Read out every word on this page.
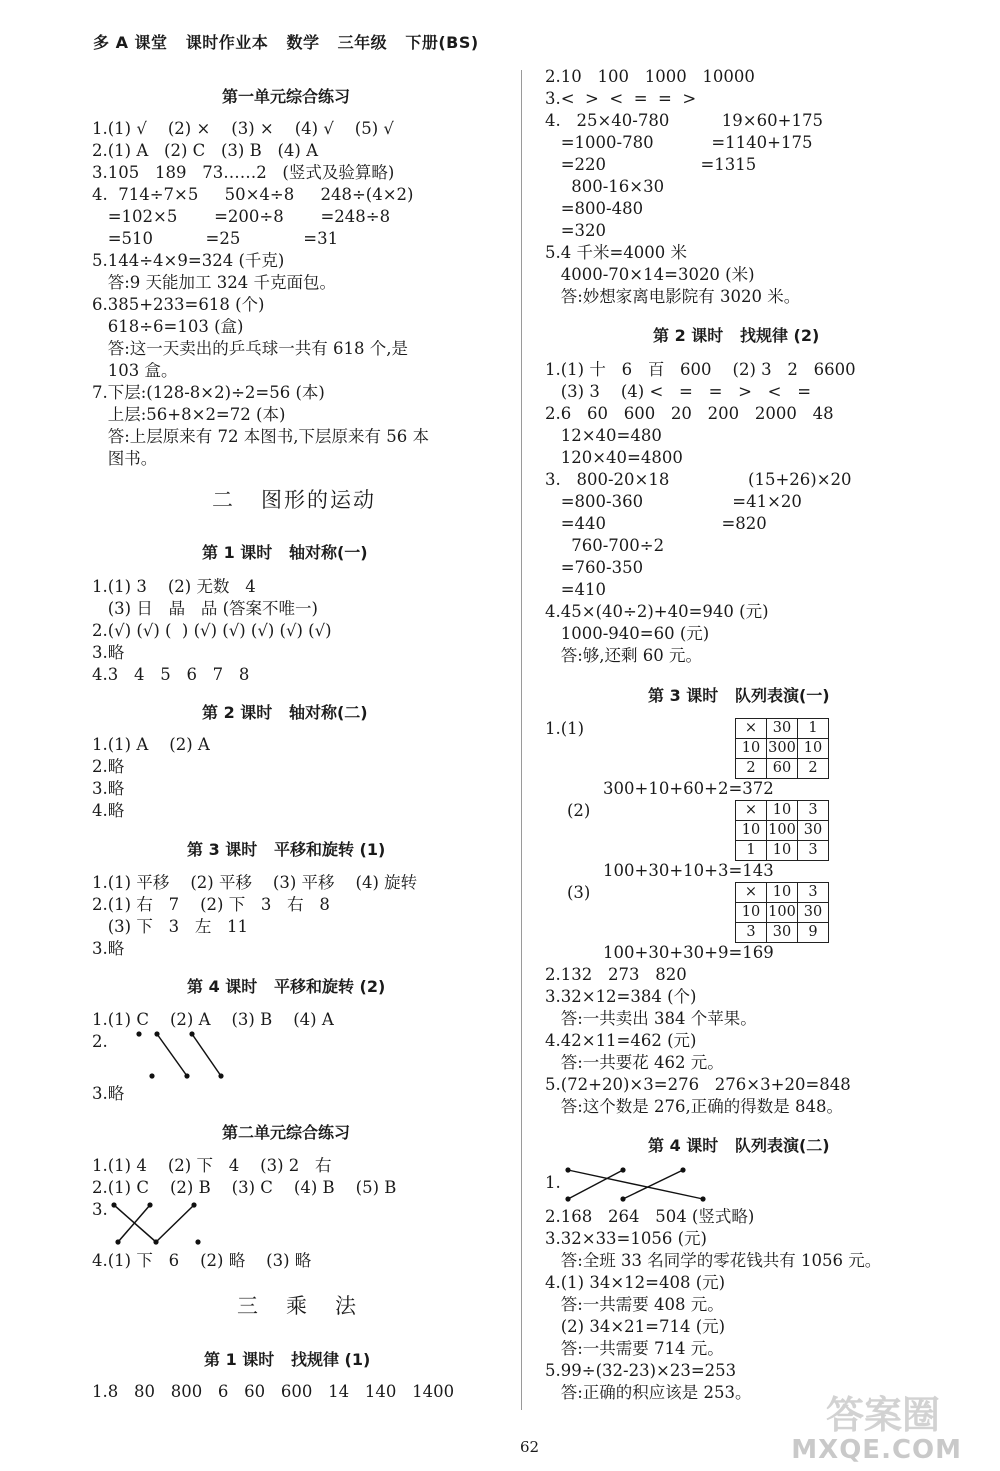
多 A 课堂   课时作业本   数学   三年级   下册(BS)
第一单元综合练习
1.(1) √    (2) ×    (3) ×    (4) √    (5) √
2.(1) A   (2) C   (3) B   (4) A
3.105   189   73……2   (竖式及验算略)
4.  714÷7×5     50×4÷8     248÷(4×2)
=102×5       =200÷8       =248÷8
=510          =25            =31
5.144÷4×9=324 (千克)
答:9 天能加工 324 千克面包。
6.385+233=618 (个)
618÷6=103 (盒)
答:这一天卖出的乒乓球一共有 618 个,是
103 盒。
7.下层:(128-8×2)÷2=56 (本)
上层:56+8×2=72 (本)
答:上层原来有 72 本图书,下层原来有 56 本
图书。
二   图形的运动
第 1 课时   轴对称(一)
1.(1) 3    (2) 无数   4
(3) 日   晶   品 (答案不唯一)
2.(√) (√) (  ) (√) (√) (√) (√) (√)
3.略
4.3   4   5   6   7   8
第 2 课时   轴对称(二)
1.(1) A    (2) A
2.略
3.略
4.略
第 3 课时   平移和旋转 (1)
1.(1) 平移    (2) 平移    (3) 平移    (4) 旋转
2.(1) 右   7    (2) 下   3   右   8
(3) 下   3   左   11
3.略
第 4 课时   平移和旋转 (2)
1.(1) C    (2) A    (3) B    (4) A
2.
3.略
第二单元综合练习
1.(1) 4    (2) 下   4    (3) 2   右
2.(1) C    (2) B    (3) C    (4) B    (5) B
3.
4.(1) 下   6    (2) 略    (3) 略
三   乘   法
第 1 课时   找规律 (1)
1.8   80   800   6   60   600   14   140   1400
2.10   100   1000   10000
3.<  >  <  =  =  >
4.   25×40-780          19×60+175
=1000-780           =1140+175
=220                  =1315
800-16×30
=800-480
=320
5.4 千米=4000 米
4000-70×14=3020 (米)
答:妙想家离电影院有 3020 米。
第 2 课时   找规律 (2)
1.(1) 十   6   百   600    (2) 3   2   6600
(3) 3    (4) <   =   =   >   <   =
2.6   60   600   20   200   2000   48
12×40=480
120×40=4800
3.   800-20×18               (15+26)×20
=800-360                 =41×20
=440                      =820
760-700÷2
=760-350
=410
4.45×(40÷2)+40=940 (元)
1000-940=60 (元)
答:够,还剩 60 元。
第 3 课时   队列表演(一)
1.(1)	×	30	1
10	300	10
2	60	2
300+10+60+2=372
(2)	×	10	3
10	100	30
1	10	3
100+30+10+3=143
(3)	×	10	3
10	100	30
3	30	9
100+30+30+9=169
2.132   273   820
3.32×12=384 (个)
答:一共卖出 384 个苹果。
4.42×11=462 (元)
答:一共要花 462 元。
5.(72+20)×3=276   276×3+20=848
答:这个数是 276,正确的得数是 848。
第 4 课时   队列表演(二)
1.
2.168   264   504 (竖式略)
3.32×33=1056 (元)
答:全班 33 名同学的零花钱共有 1056 元。
4.(1) 34×12=408 (元)
答:一共需要 408 元。
(2) 34×21=714 (元)
答:一共需要 714 元。
5.99÷(32-23)×23=253
答:正确的积应该是 253。
62
答案圈
MXQE.COM
